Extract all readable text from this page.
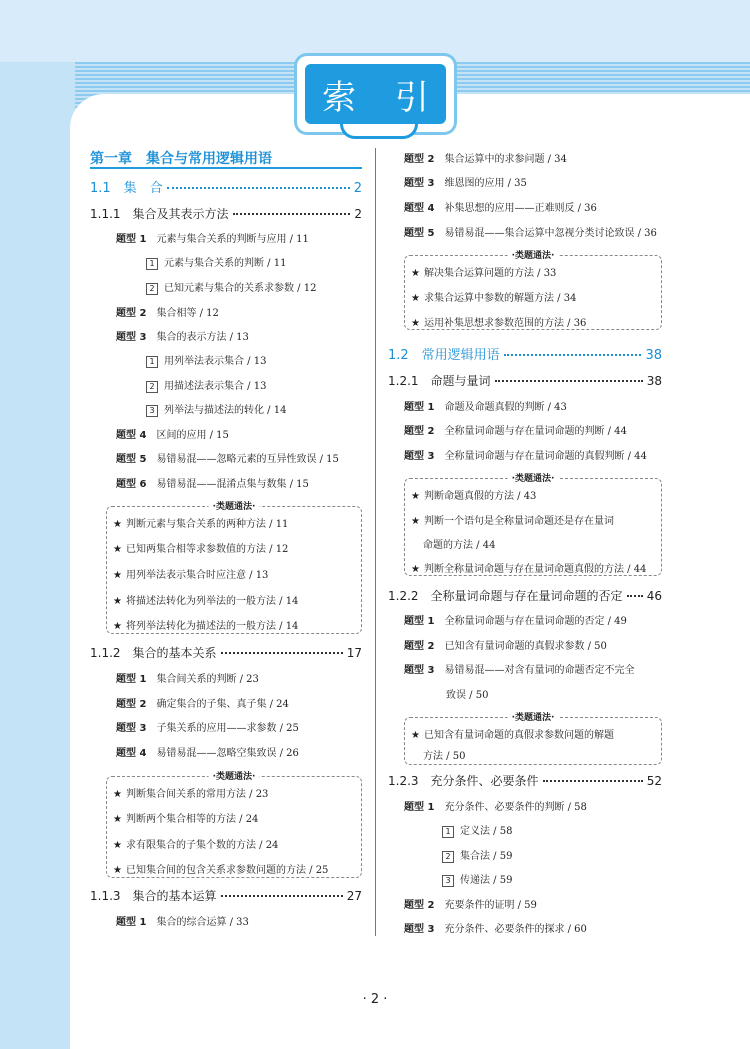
索 引
第一章　集合与常用逻辑用语
1.1　集　合	2
1.1.1　集合及其表示方法	2
题型 1 元素与集合关系的判断与应用 / 11
1 元素与集合关系的判断 / 11
2 已知元素与集合的关系求参数 / 12
题型 2 集合相等 / 12
题型 3 集合的表示方法 / 13
1 用列举法表示集合 / 13
2 用描述法表示集合 / 13
3 列举法与描述法的转化 / 14
题型 4 区间的应用 / 15
题型 5 易错易混——忽略元素的互异性致误 / 15
题型 6 易错易混——混淆点集与数集 / 15
· 类题通法 ·
★ 判断元素与集合关系的两种方法 / 11
★ 已知两集合相等求参数值的方法 / 12
★ 用列举法表示集合时应注意 / 13
★ 将描述法转化为列举法的一般方法 / 14
★ 将列举法转化为描述法的一般方法 / 14
1.1.2　集合的基本关系	17
题型 1 集合间关系的判断 / 23
题型 2 确定集合的子集、真子集 / 24
题型 3 子集关系的应用——求参数 / 25
题型 4 易错易混——忽略空集致误 / 26
· 类题通法 ·
★ 判断集合间关系的常用方法 / 23
★ 判断两个集合相等的方法 / 24
★ 求有限集合的子集个数的方法 / 24
★ 已知集合间的包含关系求参数问题的方法 / 25
1.1.3　集合的基本运算	27
题型 1 集合的综合运算 / 33
题型 2 集合运算中的求参问题 / 34
题型 3 维恩图的应用 / 35
题型 4 补集思想的应用——正难则反 / 36
题型 5 易错易混——集合运算中忽视分类讨论致误 / 36
· 类题通法 ·
★ 解决集合运算问题的方法 / 33
★ 求集合运算中参数的解题方法 / 34
★ 运用补集思想求参数范围的方法 / 36
1.2　常用逻辑用语	38
1.2.1　命题与量词	38
题型 1 命题及命题真假的判断 / 43
题型 2 全称量词命题与存在量词命题的判断 / 44
题型 3 全称量词命题与存在量词命题的真假判断 / 44
· 类题通法 ·
★ 判断命题真假的方法 / 43
★ 判断一个语句是全称量词命题还是存在量词
命题的方法 / 44
★ 判断全称量词命题与存在量词命题真假的方法 / 44
1.2.2　全称量词命题与存在量词命题的否定 46
题型 1 全称量词命题与存在量词命题的否定 / 49
题型 2 已知含有量词命题的真假求参数 / 50
题型 3 易错易混——对含有量词的命题否定不完全
致误 / 50
· 类题通法 ·
★ 已知含有量词命题的真假求参数问题的解题
方法 / 50
1.2.3　充分条件、必要条件	52
题型 1 充分条件、必要条件的判断 / 58
1 定义法 / 58
2 集合法 / 59
3 传递法 / 59
题型 2 充要条件的证明 / 59
题型 3 充分条件、必要条件的探求 / 60
· 2 ·
